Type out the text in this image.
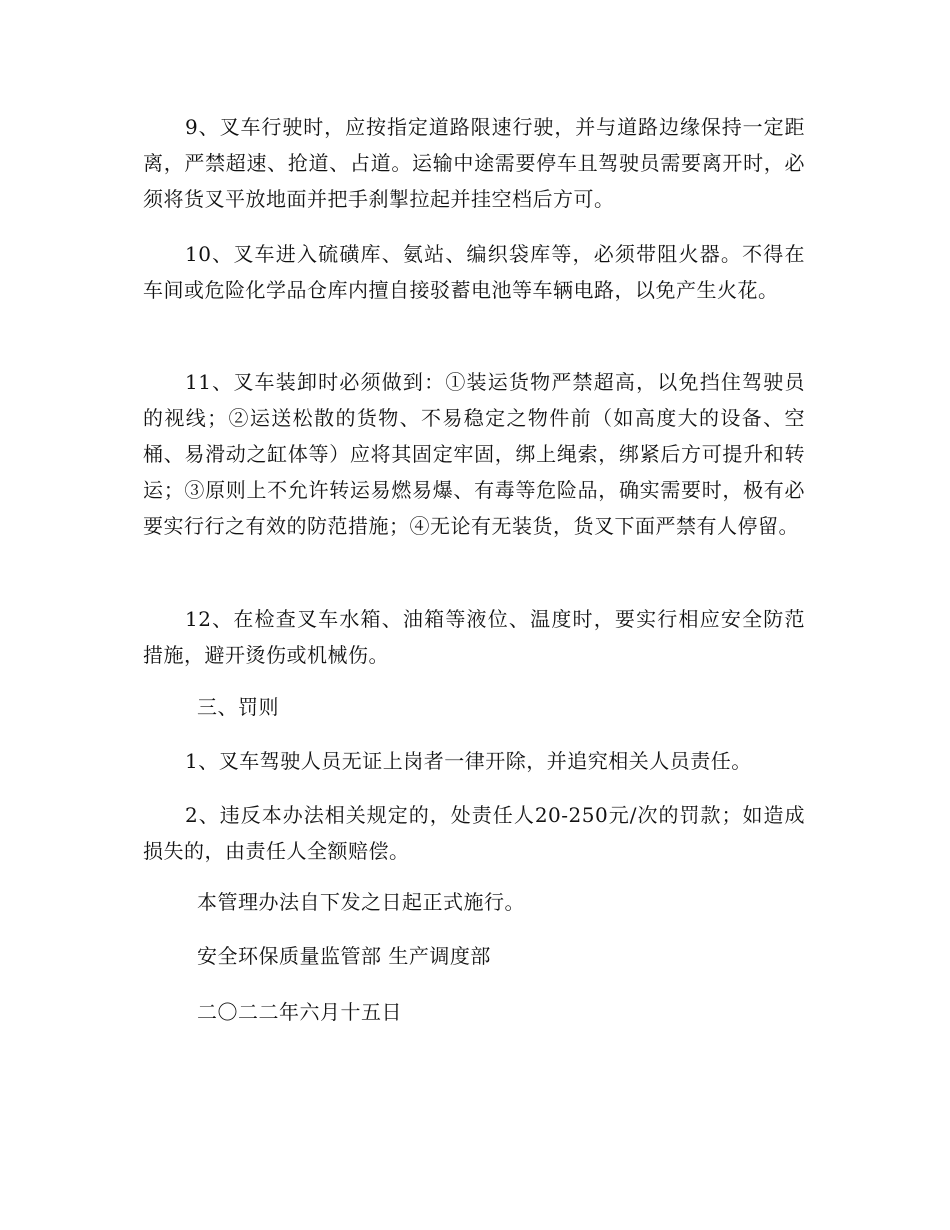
9、叉车行驶时，应按指定道路限速行驶，并与道路边缘保持一定距离，严禁超速、抢道、占道。运输中途需要停车且驾驶员需要离开时，必须将货叉平放地面并把手刹掣拉起并挂空档后方可。

10、叉车进入硫磺库、氨站、编织袋库等，必须带阻火器。不得在车间或危险化学品仓库内擅自接驳蓄电池等车辆电路，以免产生火花。

11、叉车装卸时必须做到：①装运货物严禁超高，以免挡住驾驶员的视线；②运送松散的货物、不易稳定之物件前（如高度大的设备、空桶、易滑动之缸体等）应将其固定牢固，绑上绳索，绑紧后方可提升和转运；③原则上不允许转运易燃易爆、有毒等危险品，确实需要时，极有必要实行行之有效的防范措施；④无论有无装货，货叉下面严禁有人停留。

12、在检查叉车水箱、油箱等液位、温度时，要实行相应安全防范措施，避开烫伤或机械伤。

三、罚则

1、叉车驾驶人员无证上岗者一律开除，并追究相关人员责任。

2、违反本办法相关规定的，处责任人20-250元/次的罚款；如造成损失的，由责任人全额赔偿。

本管理办法自下发之日起正式施行。

安全环保质量监管部 生产调度部

二〇二二年六月十五日
